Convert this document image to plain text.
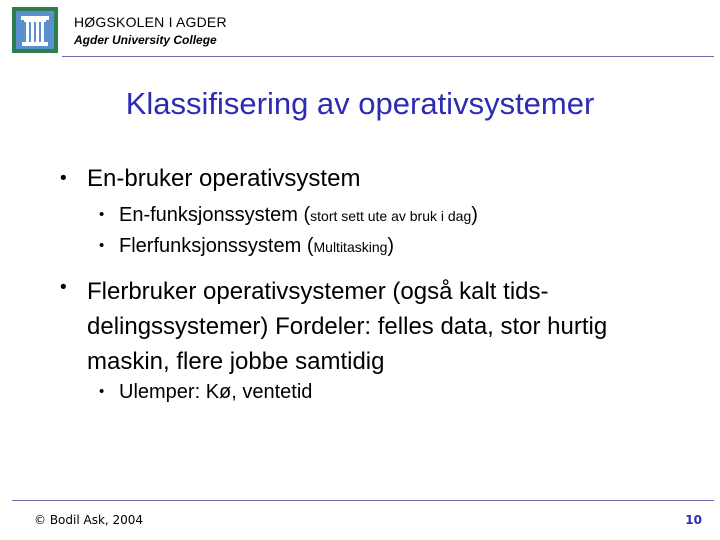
HØGSKOLEN I AGDER
Agder University College
Klassifisering av operativsystemer
• En-bruker operativsystem
• En-funksjonssystem (stort sett ute av bruk i dag)
• Flerfunksjonssystem (Multitasking)
• Flerbruker operativsystemer (også kalt tids-
delingssystemer) Fordeler: felles data, stor hurtig
maskin, flere jobbe samtidig
• Ulemper: Kø, ventetid
© Bodil Ask, 2004	10
